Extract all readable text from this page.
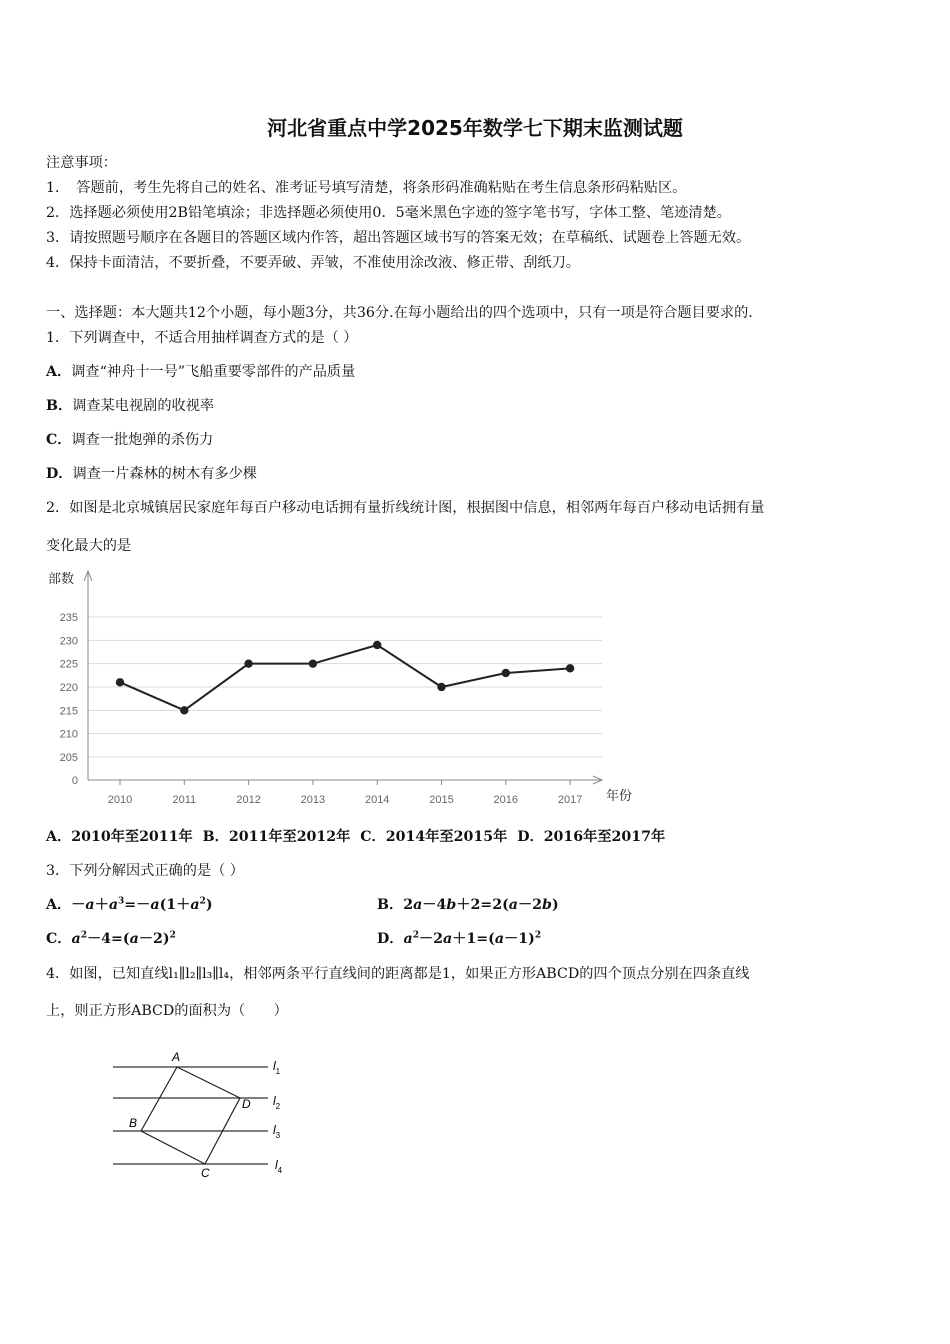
河北省重点中学2025年数学七下期末监测试题
注意事项：
1．　答题前，考生先将自己的姓名、准考证号填写清楚，将条形码准确粘贴在考生信息条形码粘贴区。
2．选择题必须使用2B铅笔填涂；非选择题必须使用0．5毫米黑色字迹的签字笔书写，字体工整、笔迹清楚。
3．请按照题号顺序在各题目的答题区域内作答，超出答题区域书写的答案无效；在草稿纸、试题卷上答题无效。
4．保持卡面清洁，不要折叠，不要弄破、弄皱，不准使用涂改液、修正带、刮纸刀。
一、选择题：本大题共12个小题，每小题3分，共36分.在每小题给出的四个选项中，只有一项是符合题目要求的.
1．下列调查中，不适合用抽样调查方式的是（ ）
A．调查“神舟十一号”飞船重要零部件的产品质量
B．调查某电视剧的收视率
C．调查一批炮弹的杀伤力
D．调查一片森林的树木有多少棵
2．如图是北京城镇居民家庭年每百户移动电话拥有量折线统计图，根据图中信息，相邻两年每百户移动电话拥有量
变化最大的是
0
205
210
215
220
225
230
235
部数
年份
2010	2011	2012	2013	2014	2015	2016	2017
A．2010年至2011年 B．2011年至2012年 C．2014年至2015年 D．2016年至2017年
3．下列分解因式正确的是（ ）
A．$-a+a^3=-a(1+a^2)$	B．2a－4b＋2=2(a－2b)
C．$a^2-4=(a-2)^2$	D．$a^2-2a+1=(a-1)^2$
4．如图，已知直线l₁∥l₂∥l₃∥l₄，相邻两条平行直线间的距离都是1，如果正方形ABCD的四个顶点分别在四条直线
上，则正方形ABCD的面积为（　　）
A
B
C
D
$l_1$
$l_2$
$l_3$
$l_4$
